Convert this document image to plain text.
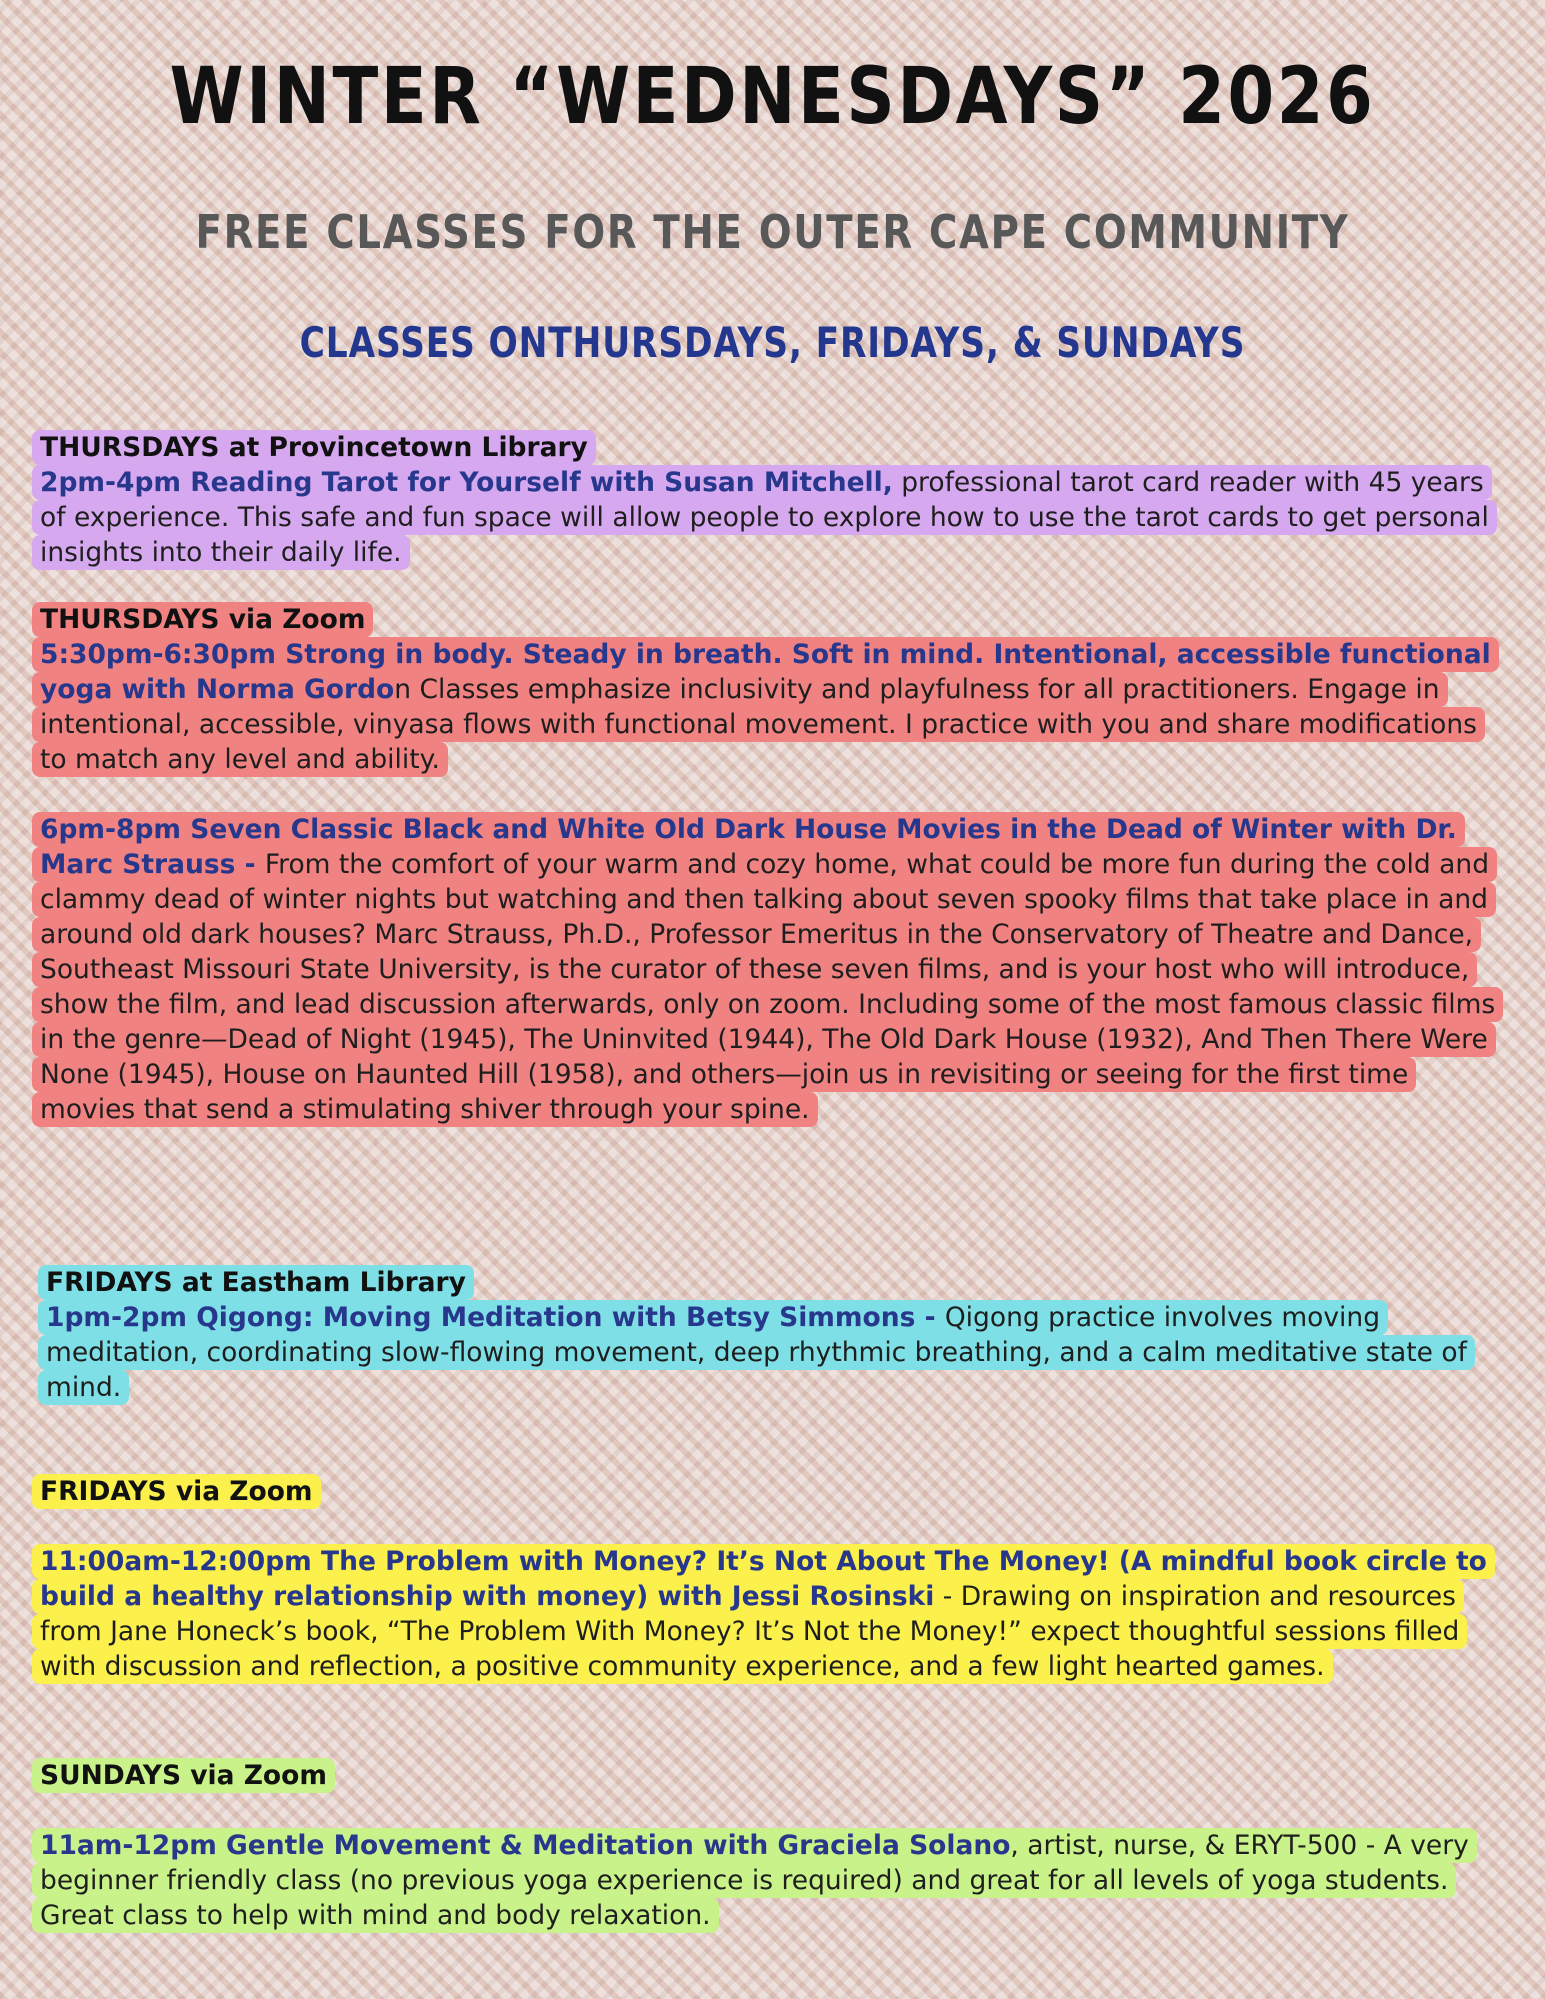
WINTER “WEDNESDAYS” 2026
FREE CLASSES FOR THE OUTER CAPE COMMUNITY
CLASSES ONTHURSDAYS, FRIDAYS, & SUNDAYS
THURSDAYS at Provincetown Library
2pm-4pm Reading Tarot for Yourself with Susan Mitchell, professional tarot card reader with 45 years of experience. This safe and fun space will allow people to explore how to use the tarot cards to get personal insights into their daily life.
THURSDAYS via Zoom
5:30pm-6:30pm Strong in body. Steady in breath. Soft in mind. Intentional, accessible functional yoga with Norma Gordon Classes emphasize inclusivity and playfulness for all practitioners. Engage in intentional, accessible, vinyasa flows with functional movement. I practice with you and share modifications to match any level and ability.
6pm-8pm Seven Classic Black and White Old Dark House Movies in the Dead of Winter with Dr. Marc Strauss - From the comfort of your warm and cozy home, what could be more fun during the cold and clammy dead of winter nights but watching and then talking about seven spooky films that take place in and around old dark houses? Marc Strauss, Ph.D., Professor Emeritus in the Conservatory of Theatre and Dance, Southeast Missouri State University, is the curator of these seven films, and is your host who will introduce, show the film, and lead discussion afterwards, only on zoom. Including some of the most famous classic films in the genre—Dead of Night (1945), The Uninvited (1944), The Old Dark House (1932), And Then There Were None (1945), House on Haunted Hill (1958), and others—join us in revisiting or seeing for the first time movies that send a stimulating shiver through your spine.
FRIDAYS at Eastham Library
1pm-2pm Qigong: Moving Meditation with Betsy Simmons - Qigong practice involves moving meditation, coordinating slow-flowing movement, deep rhythmic breathing, and a calm meditative state of mind.
FRIDAYS via Zoom

11:00am-12:00pm The Problem with Money? It’s Not About The Money! (A mindful book circle to build a healthy relationship with money) with Jessi Rosinski - Drawing on inspiration and resources from Jane Honeck’s book, “The Problem With Money? It’s Not the Money!” expect thoughtful sessions filled with discussion and reflection, a positive community experience, and a few light hearted games.
SUNDAYS via Zoom

11am-12pm Gentle Movement & Meditation with Graciela Solano, artist, nurse, & ERYT-500 - A very beginner friendly class (no previous yoga experience is required) and great for all levels of yoga students. Great class to help with mind and body relaxation.
